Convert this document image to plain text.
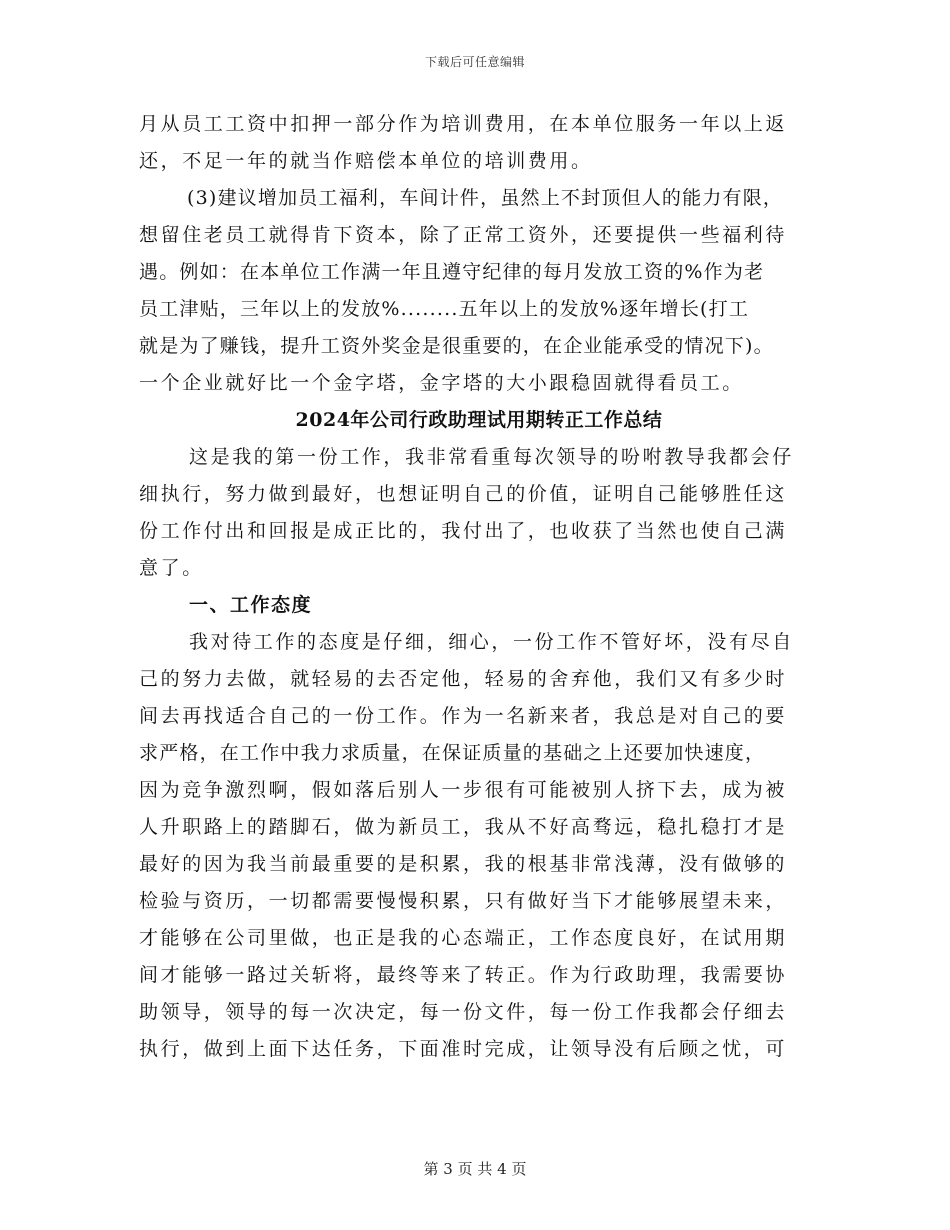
下载后可任意编辑
月从员工工资中扣押一部分作为培训费用，在本单位服务一年以上返
还，不足一年的就当作赔偿本单位的培训费用。
(3)建议增加员工福利，车间计件，虽然上不封顶但人的能力有限，
想留住老员工就得肯下资本，除了正常工资外，还要提供一些福利待
遇。例如：在本单位工作满一年且遵守纪律的每月发放工资的%作为老
员工津贴，三年以上的发放%........五年以上的发放%逐年增长(打工
就是为了赚钱，提升工资外奖金是很重要的，在企业能承受的情况下)。
一个企业就好比一个金字塔，金字塔的大小跟稳固就得看员工。
2024年公司行政助理试用期转正工作总结
这是我的第一份工作，我非常看重每次领导的吩咐教导我都会仔
细执行，努力做到最好，也想证明自己的价值，证明自己能够胜任这
份工作付出和回报是成正比的，我付出了，也收获了当然也使自己满
意了。
一、工作态度
我对待工作的态度是仔细，细心，一份工作不管好坏，没有尽自
己的努力去做，就轻易的去否定他，轻易的舍弃他，我们又有多少时
间去再找适合自己的一份工作。作为一名新来者，我总是对自己的要
求严格，在工作中我力求质量，在保证质量的基础之上还要加快速度，
因为竞争激烈啊，假如落后别人一步很有可能被别人挤下去，成为被
人升职路上的踏脚石，做为新员工，我从不好高骛远，稳扎稳打才是
最好的因为我当前最重要的是积累，我的根基非常浅薄，没有做够的
检验与资历，一切都需要慢慢积累，只有做好当下才能够展望未来，
才能够在公司里做，也正是我的心态端正，工作态度良好，在试用期
间才能够一路过关斩将，最终等来了转正。作为行政助理，我需要协
助领导，领导的每一次决定，每一份文件，每一份工作我都会仔细去
执行，做到上面下达任务，下面准时完成，让领导没有后顾之忧，可
第 3 页 共 4 页
